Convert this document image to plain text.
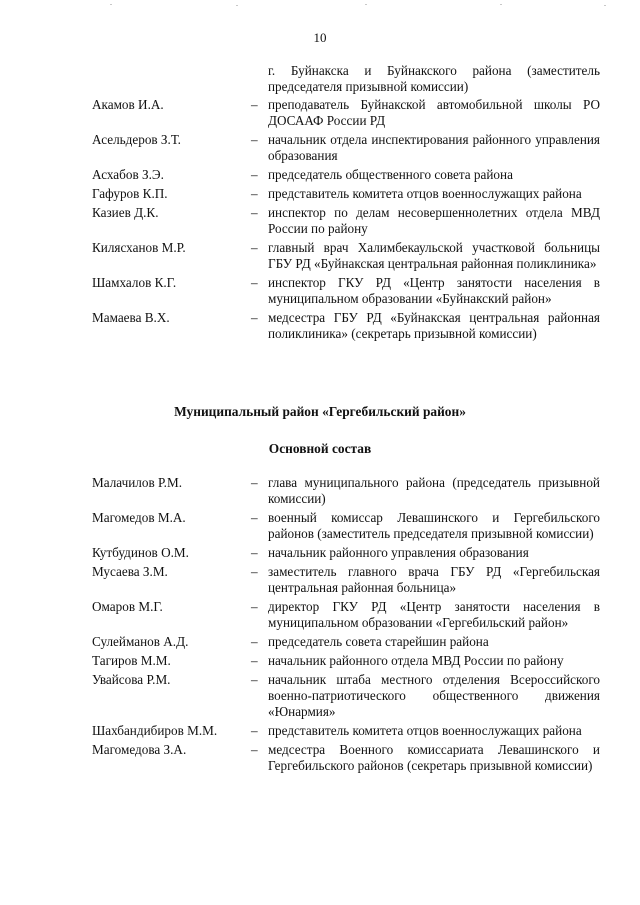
10
г. Буйнакска и Буйнакского района (заместитель председателя призывной комиссии)
Акамов И.А.	– преподаватель Буйнакской автомобильной школы РО ДОСААФ России РД
Асельдеров З.Т.	– начальник отдела инспектирования районного управления образования
Асхабов З.Э.	– председатель общественного совета района
Гафуров К.П.	– представитель комитета отцов военнослужащих района
Казиев Д.К.	– инспектор по делам несовершеннолетних отдела МВД России по району
Килясханов М.Р.	– главный врач Халимбекаульской участковой больницы ГБУ РД «Буйнакская центральная районная поликлиника»
Шамхалов К.Г.	– инспектор ГКУ РД «Центр занятости населения в муниципальном образовании «Буйнакский район»
Мамаева В.Х.	– медсестра ГБУ РД «Буйнакская центральная районная поликлиника» (секретарь призывной комиссии)
Муниципальный район «Гергебильский район»
Основной состав
Малачилов Р.М.	– глава муниципального района (председатель призывной комиссии)
Магомедов М.А.	– военный комиссар Левашинского и Гергебильского районов (заместитель председателя призывной комиссии)
Кутбудинов О.М.	– начальник районного управления образования
Мусаева З.М.	– заместитель главного врача ГБУ РД «Гергебильская центральная районная больница»
Омаров М.Г.	– директор ГКУ РД «Центр занятости населения в муниципальном образовании «Гергебильский район»
Сулейманов А.Д.	– председатель совета старейшин района
Тагиров М.М.	– начальник районного отдела МВД России по району
Увайсова Р.М.	– начальник штаба местного отделения Всероссийского военно-патриотического общественного движения «Юнармия»
Шахбандибиров М.М.	– представитель комитета отцов военнослужащих района
Магомедова З.А.	– медсестра Военного комиссариата Левашинского и Гергебильского районов (секретарь призывной комиссии)
